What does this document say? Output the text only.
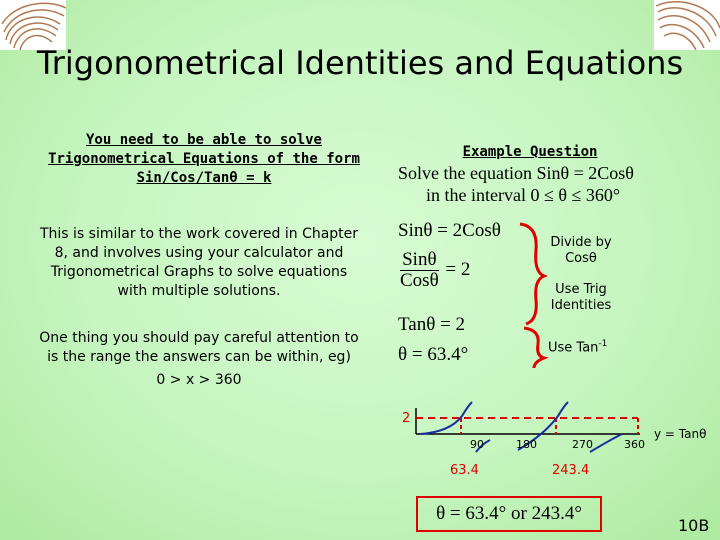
Trigonometrical Identities and Equations
You need to be able to solve
Trigonometrical Equations of the form
Sin/Cos/Tanθ = k
This is similar to the work covered in Chapter
8, and involves using your calculator and
Trigonometrical Graphs to solve equations
with multiple solutions.
One thing you should pay careful attention to
is the range the answers can be within, eg)
0 > x > 360
Example Question
Solve the equation Sinθ = 2Cosθ
in the interval 0 ≤ θ ≤ 360°
Sinθ = 2Cosθ
$\frac{\text{Sinθ}}{\text{Cosθ}} = 2$
Tanθ = 2
θ = 63.4°
Divide by
Cosθ
Use Trig
Identities
Use Tan$^{-1}$
2
90	180	270	360
63.4	243.4
y = Tanθ
θ = 63.4° or 243.4°
10B
